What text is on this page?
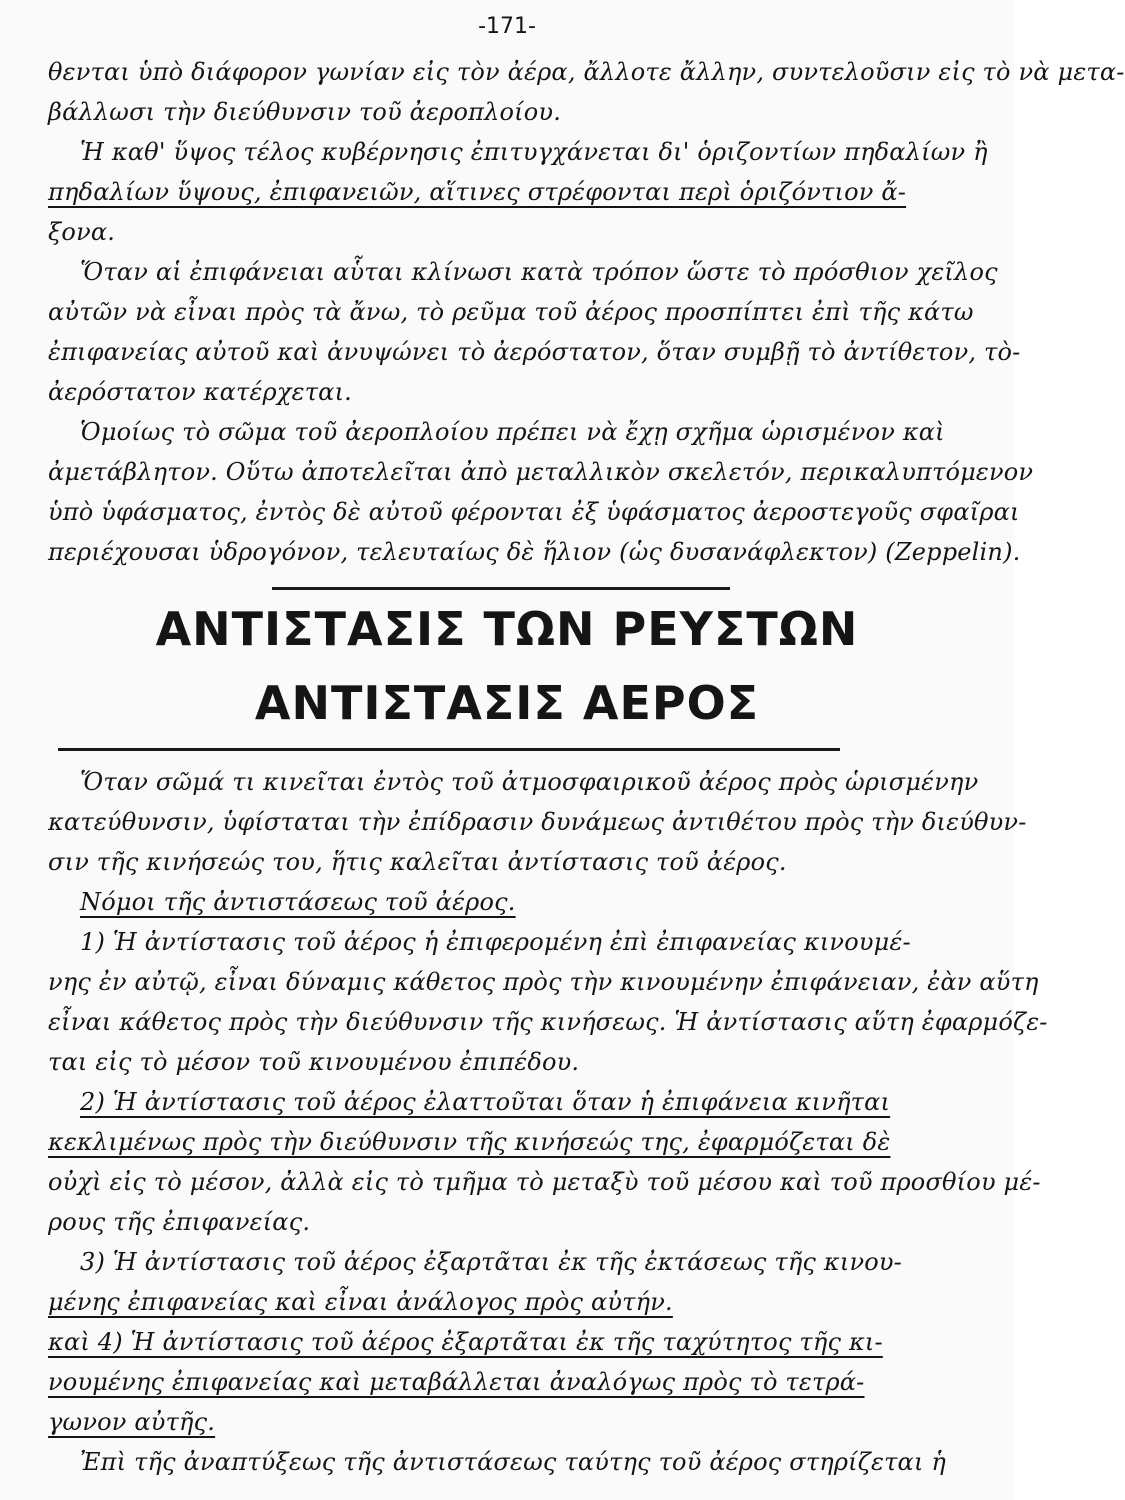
-171-
θενται ὑπὸ διάφορον γωνίαν εἰς τὸν ἀέρα, ἄλλοτε ἄλλην, συντελοῦσιν εἰς τὸ νὰ μετα-
βάλλωσι τὴν διεύθυνσιν τοῦ ἀεροπλοίου.
Ἡ καθ' ὕψος τέλος κυβέρνησις ἐπιτυγχάνεται δι' ὁριζοντίων πηδαλίων ἢ
πηδαλίων ὕψους, ἐπιφανειῶν, αἵτινες στρέφονται περὶ ὁριζόντιον ἄ-
ξονα.
Ὅταν αἱ ἐπιφάνειαι αὗται κλίνωσι κατὰ τρόπον ὥστε τὸ πρόσθιον χεῖλος
αὐτῶν νὰ εἶναι πρὸς τὰ ἄνω, τὸ ρεῦμα τοῦ ἀέρος προσπίπτει ἐπὶ τῆς κάτω
ἐπιφανείας αὐτοῦ καὶ ἀνυψώνει τὸ ἀερόστατον, ὅταν συμβῇ τὸ ἀντίθετον, τὸ-
ἀερόστατον κατέρχεται.
Ὁμοίως τὸ σῶμα τοῦ ἀεροπλοίου πρέπει νὰ ἔχῃ σχῆμα ὡρισμένον καὶ
ἀμετάβλητον. Οὕτω ἀποτελεῖται ἀπὸ μεταλλικὸν σκελετόν, περικαλυπτόμενον
ὑπὸ ὑφάσματος, ἐντὸς δὲ αὐτοῦ φέρονται ἐξ ὑφάσματος ἀεροστεγοῦς σφαῖραι
περιέχουσαι ὑδρογόνον, τελευταίως δὲ ἥλιον (ὡς δυσανάφλεκτον) (Zeppelin).
ΑΝΤΙΣΤΑΣΙΣ ΤΩΝ ΡΕΥΣΤΩΝ
ΑΝΤΙΣΤΑΣΙΣ ΑΕΡΟΣ
Ὅταν σῶμά τι κινεῖται ἐντὸς τοῦ ἀτμοσφαιρικοῦ ἀέρος πρὸς ὡρισμένην
κατεύθυνσιν, ὑφίσταται τὴν ἐπίδρασιν δυνάμεως ἀντιθέτου πρὸς τὴν διεύθυν-
σιν τῆς κινήσεώς του, ἥτις καλεῖται ἀντίστασις τοῦ ἀέρος.
Νόμοι τῆς ἀντιστάσεως τοῦ ἀέρος.
1) Ἡ ἀντίστασις τοῦ ἀέρος ἡ ἐπιφερομένη ἐπὶ ἐπιφανείας κινουμέ-
νης ἐν αὐτῷ, εἶναι δύναμις κάθετος πρὸς τὴν κινουμένην ἐπιφάνειαν, ἐὰν αὕτη
εἶναι κάθετος πρὸς τὴν διεύθυνσιν τῆς κινήσεως. Ἡ ἀντίστασις αὕτη ἐφαρμόζε-
ται εἰς τὸ μέσον τοῦ κινουμένου ἐπιπέδου.
2) Ἡ ἀντίστασις τοῦ ἀέρος ἐλαττοῦται ὅταν ἡ ἐπιφάνεια κινῆται
κεκλιμένως πρὸς τὴν διεύθυνσιν τῆς κινήσεώς της, ἐφαρμόζεται δὲ
οὐχὶ εἰς τὸ μέσον, ἀλλὰ εἰς τὸ τμῆμα τὸ μεταξὺ τοῦ μέσου καὶ τοῦ προσθίου μέ-
ρους τῆς ἐπιφανείας.
3) Ἡ ἀντίστασις τοῦ ἀέρος ἐξαρτᾶται ἐκ τῆς ἐκτάσεως τῆς κινου-
μένης ἐπιφανείας καὶ εἶναι ἀνάλογος πρὸς αὐτήν.
καὶ 4) Ἡ ἀντίστασις τοῦ ἀέρος ἐξαρτᾶται ἐκ τῆς ταχύτητος τῆς κι-
νουμένης ἐπιφανείας καὶ μεταβάλλεται ἀναλόγως πρὸς τὸ τετρά-
γωνον αὐτῆς.
Ἐπὶ τῆς ἀναπτύξεως τῆς ἀντιστάσεως ταύτης τοῦ ἀέρος στηρίζεται ἡ
